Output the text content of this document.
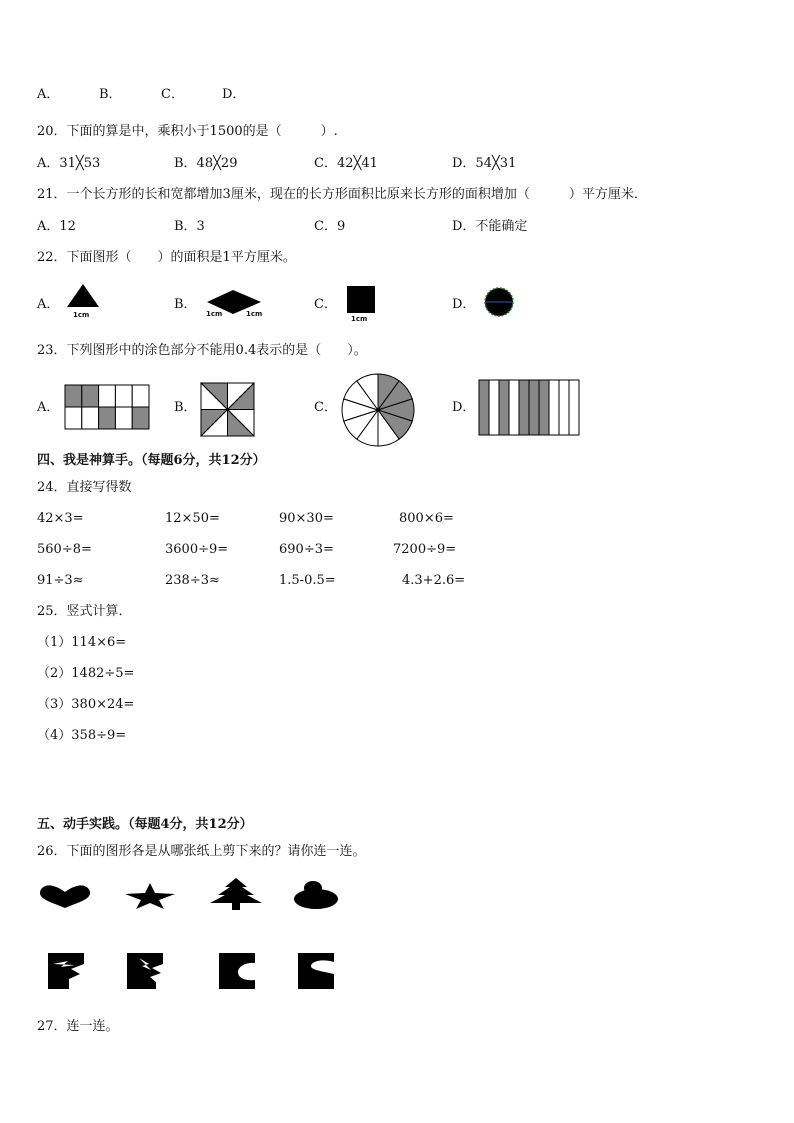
A．	B．	C．	D．
20．下面的算是中，乘积小于1500的是（　　　）.
A．31╳53	B．48╳29	C．42╳41	D．54╳31
21．一个长方形的长和宽都增加3厘米，现在的长方形面积比原来长方形的面积增加（　　　）平方厘米．
A．12	B．3	C．9	D．不能确定
22．下面图形（　　）的面积是1平方厘米。
A．
1cm
B．
1cm	1cm
C．
1cm
D．
23．下列图形中的涂色部分不能用0.4表示的是（　　）。
A．	B．	C．	D．
四、我是神算手。（每题6分，共12分）
24．直接写得数
42×3=	12×50=	90×30=	800×6=
560÷8=	3600÷9=	690÷3=	7200÷9=
91÷3≈	238÷3≈	1.5-0.5=	4.3+2.6=
25．竖式计算．
（1）114×6=
（2）1482÷5=
（3）380×24=
（4）358÷9=
五、动手实践。（每题4分，共12分）
26．下面的图形各是从哪张纸上剪下来的？请你连一连。
27．连一连。
